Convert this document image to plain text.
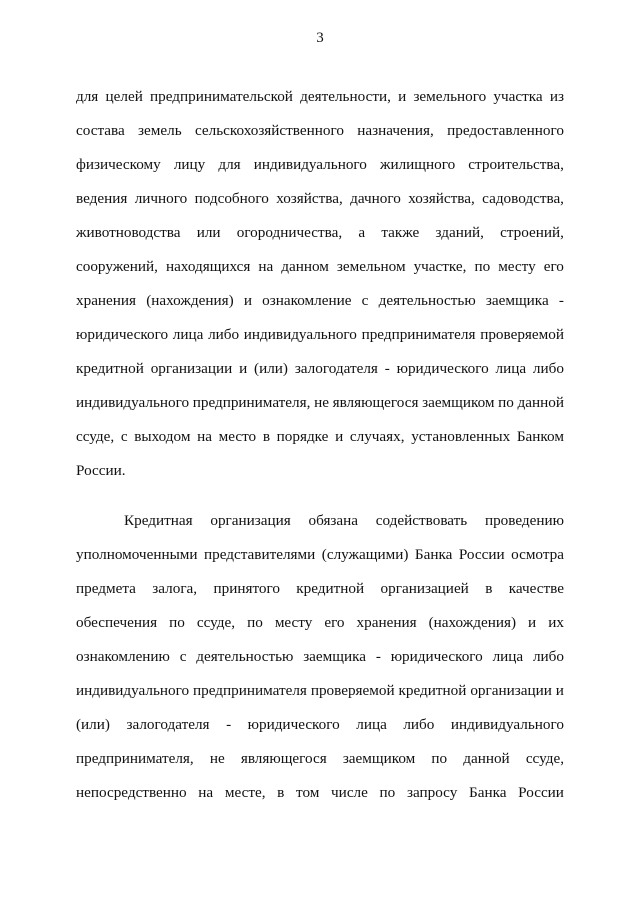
3
для целей предпринимательской деятельности, и земельного участка из
состава земель сельскохозяйственного назначения, предоставленного
физическому лицу для индивидуального жилищного строительства,
ведения личного подсобного хозяйства, дачного хозяйства, садоводства,
животноводства или огородничества, а также зданий, строений,
сооружений, находящихся на данном земельном участке, по месту его
хранения (нахождения) и ознакомление с деятельностью заемщика -
юридического лица либо индивидуального предпринимателя проверяемой
кредитной организации и (или) залогодателя - юридического лица либо
индивидуального предпринимателя, не являющегося заемщиком по данной
ссуде, с выходом на место в порядке и случаях, установленных Банком
России.
Кредитная организация обязана содействовать проведению
уполномоченными представителями (служащими) Банка России осмотра
предмета залога, принятого кредитной организацией в качестве
обеспечения по ссуде, по месту его хранения (нахождения) и их
ознакомлению с деятельностью заемщика - юридического лица либо
индивидуального предпринимателя проверяемой кредитной организации и
(или) залогодателя - юридического лица либо индивидуального
предпринимателя, не являющегося заемщиком по данной ссуде,
непосредственно на месте, в том числе по запросу Банка России
